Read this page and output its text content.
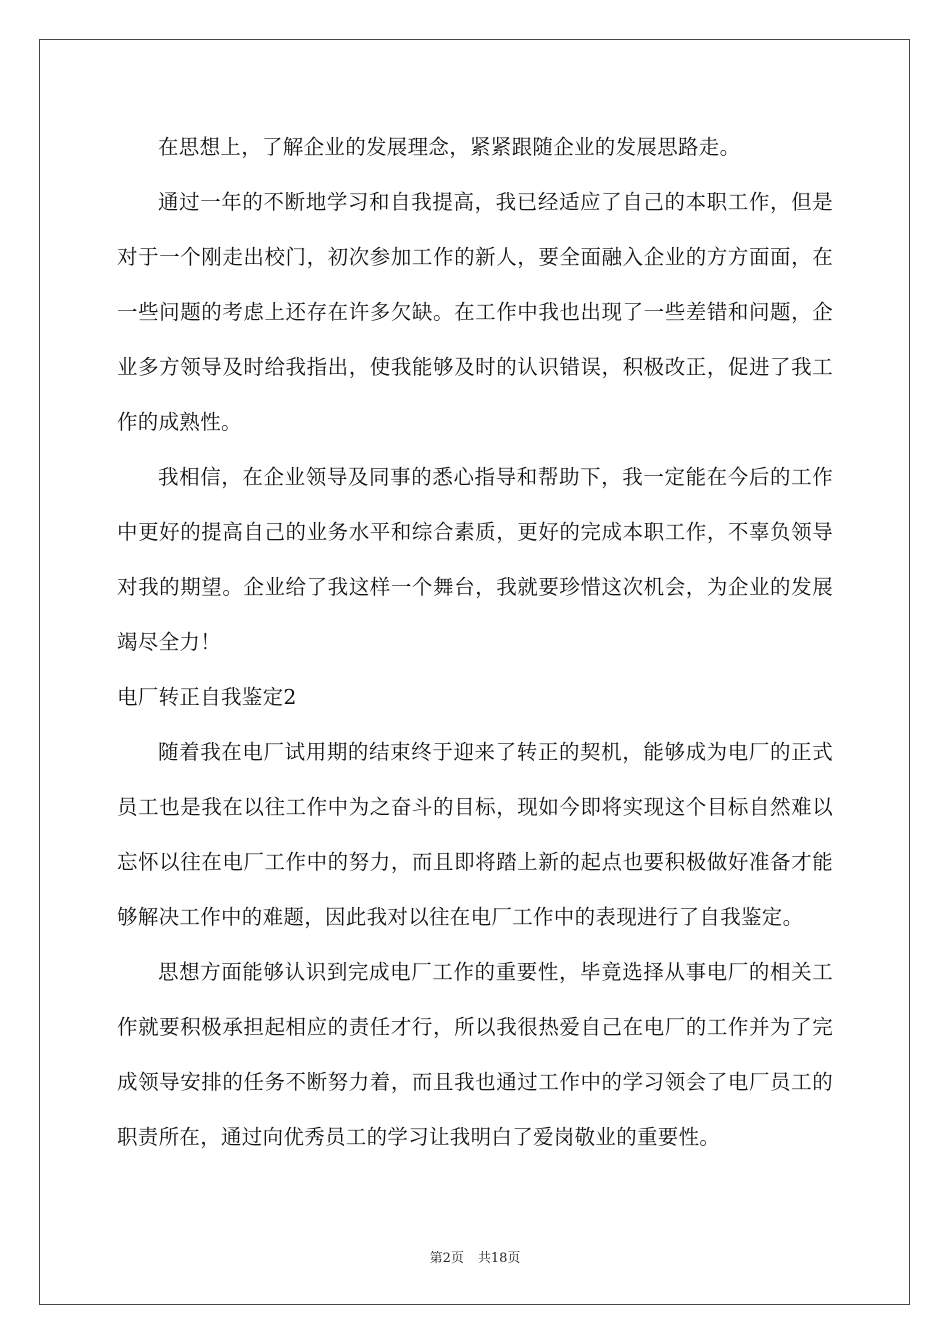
在思想上，了解企业的发展理念，紧紧跟随企业的发展思路走。

通过一年的不断地学习和自我提高，我已经适应了自己的本职工作，但是对于一个刚走出校门，初次参加工作的新人，要全面融入企业的方方面面，在一些问题的考虑上还存在许多欠缺。在工作中我也出现了一些差错和问题，企业多方领导及时给我指出，使我能够及时的认识错误，积极改正，促进了我工作的成熟性。

我相信，在企业领导及同事的悉心指导和帮助下，我一定能在今后的工作中更好的提高自己的业务水平和综合素质，更好的完成本职工作，不辜负领导对我的期望。企业给了我这样一个舞台，我就要珍惜这次机会，为企业的发展竭尽全力！

电厂转正自我鉴定2

随着我在电厂试用期的结束终于迎来了转正的契机，能够成为电厂的正式员工也是我在以往工作中为之奋斗的目标，现如今即将实现这个目标自然难以忘怀以往在电厂工作中的努力，而且即将踏上新的起点也要积极做好准备才能够解决工作中的难题，因此我对以往在电厂工作中的表现进行了自我鉴定。

思想方面能够认识到完成电厂工作的重要性，毕竟选择从事电厂的相关工作就要积极承担起相应的责任才行，所以我很热爱自己在电厂的工作并为了完成领导安排的任务不断努力着，而且我也通过工作中的学习领会了电厂员工的职责所在，通过向优秀员工的学习让我明白了爱岗敬业的重要性。

第2页 共18页
